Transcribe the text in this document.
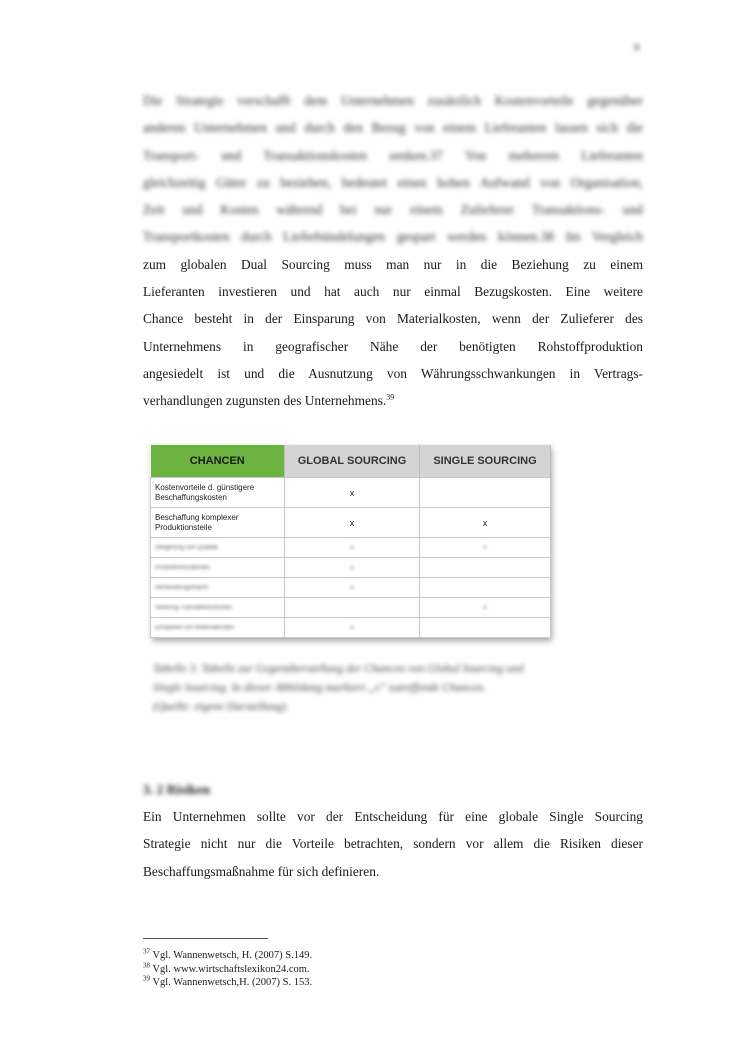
9
Die Strategie verschafft dem Unternehmen zusätzlich Kostenvorteile gegenüber
anderen Unternehmen und durch den Bezug von einem Lieferanten lassen sich die
Transport- und Transaktionskosten senken.37 Von mehreren Lieferanten
gleichzeitig Güter zu beziehen, bedeutet einen hohen Aufwand von Organisation,
Zeit und Kosten während bei nur einem Zulieferer Transaktions- und
Transportkosten durch Lieferbündelungen gespart werden können.38 Im Vergleich
zum globalen Dual Sourcing muss man nur in die Beziehung zu einem
Lieferanten investieren und hat auch nur einmal Bezugskosten. Eine weitere
Chance besteht in der Einsparung von Materialkosten, wenn der Zulieferer des
Unternehmens in geografischer Nähe der benötigten Rohstoffproduktion
angesiedelt ist und die Ausnutzung von Währungsschwankungen in Vertrags-
verhandlungen zugunsten des Unternehmens.$^{39}$
CHANCEN	GLOBAL SOURCING	SINGLE SOURCING
Kostenvorteile d. günstigere Beschaffungskosten	x	
Beschaffung komplexer Produktionsteile	x	x
Steigerung von Qualität	x	x
Produktinnovationen	x	
Verhandlungsmacht	x	
Senkung Transaktionskosten		x
Einsparen von Materialkosten	x	
Tabelle 3: Tabelle zur Gegenüberstellung der Chancen von Global Sourcing und
Single Sourcing. In dieser Abbildung markiert „x“ zutreffende Chancen.
(Quelle: eigene Darstellung).
3. 2 Risiken
Ein Unternehmen sollte vor der Entscheidung für eine globale Single Sourcing
Strategie nicht nur die Vorteile betrachten, sondern vor allem die Risiken dieser
Beschaffungsmaßnahme für sich definieren.
$^{37}$ Vgl. Wannenwetsch, H. (2007) S.149.
$^{38}$ Vgl. www.wirtschaftslexikon24.com.
$^{39}$ Vgl. Wannenwetsch,H. (2007) S. 153.
